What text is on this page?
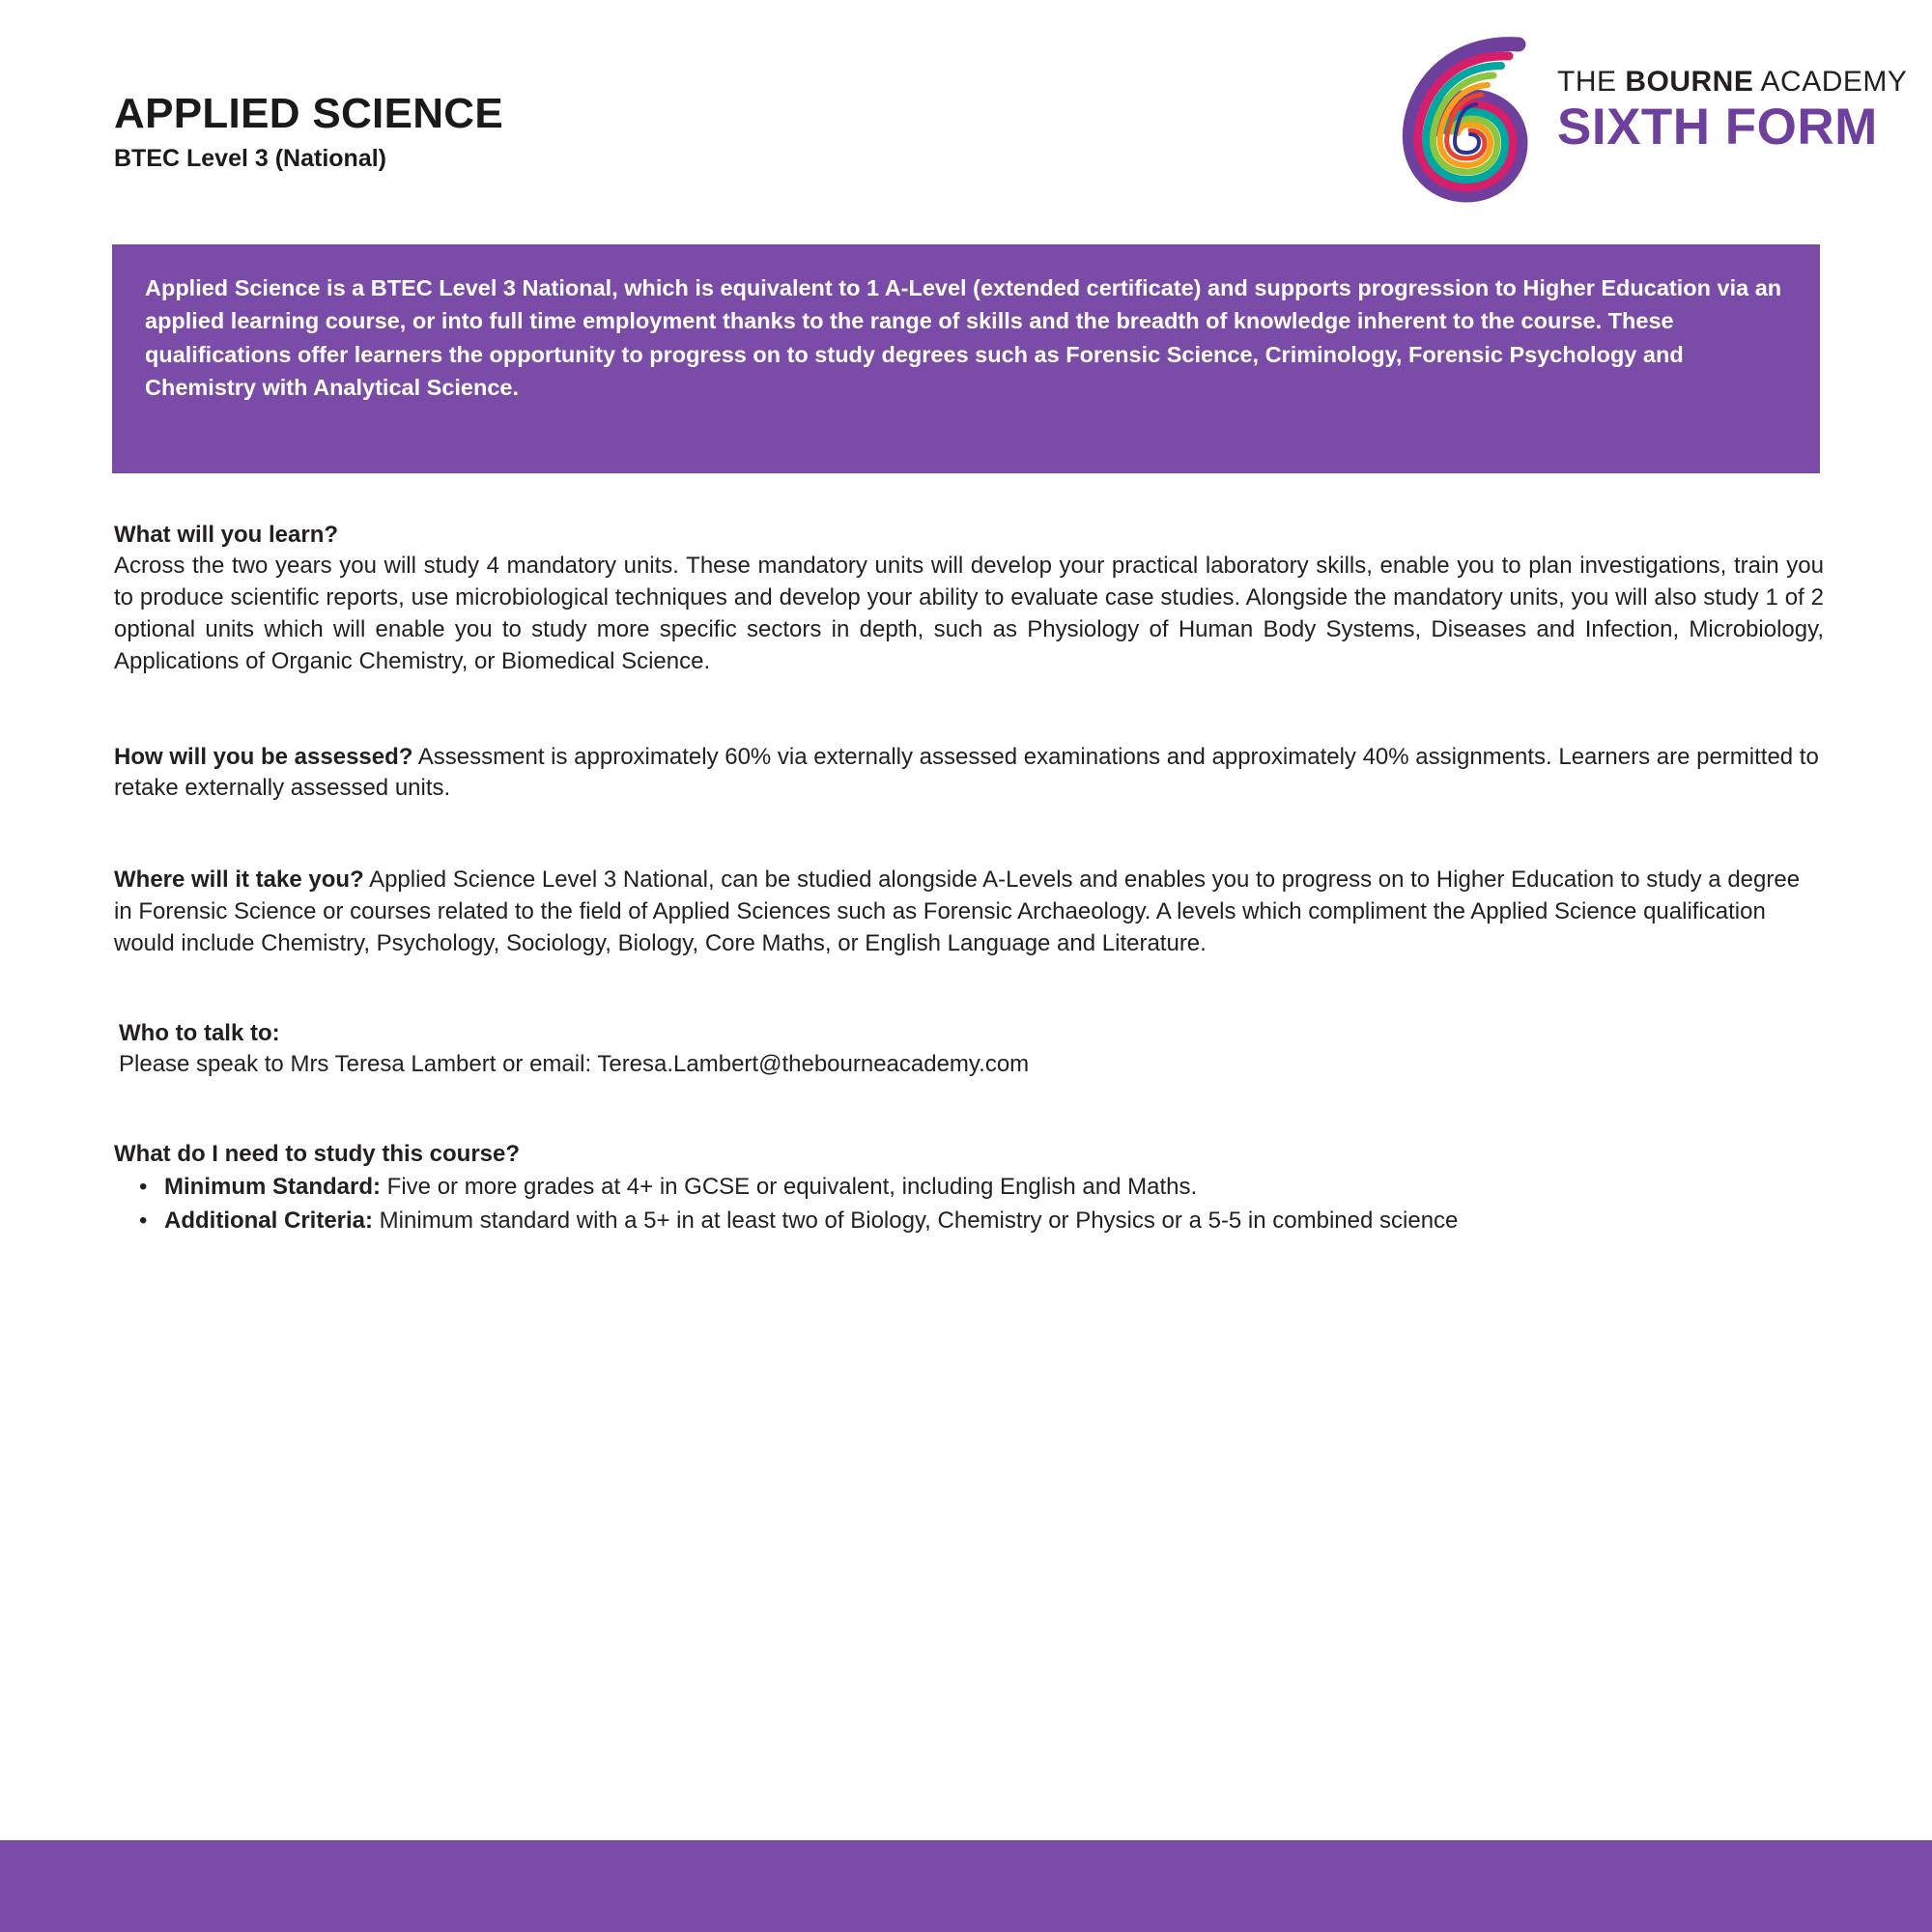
APPLIED SCIENCE
BTEC Level 3 (National)
THE BOURNE ACADEMY
SIXTH FORM

Applied Science is a BTEC Level 3 National, which is equivalent to 1 A-Level (extended certificate) and supports progression to Higher Education via an applied learning course, or into full time employment thanks to the range of skills and the breadth of knowledge inherent to the course. These qualifications offer learners the opportunity to progress on to study degrees such as Forensic Science, Criminology, Forensic Psychology and Chemistry with Analytical Science.

What will you learn?

Across the two years you will study 4 mandatory units. These mandatory units will develop your practical laboratory skills, enable you to plan investigations, train you to produce scientific reports, use microbiological techniques and develop your ability to evaluate case studies. Alongside the mandatory units, you will also study 1 of 2 optional units which will enable you to study more specific sectors in depth, such as Physiology of Human Body Systems, Diseases and Infection, Microbiology, Applications of Organic Chemistry, or Biomedical Science.

How will you be assessed? Assessment is approximately 60% via externally assessed examinations and approximately 40% assignments. Learners are permitted to retake externally assessed units.

Where will it take you? Applied Science Level 3 National, can be studied alongside A-Levels and enables you to progress on to Higher Education to study a degree in Forensic Science or courses related to the field of Applied Sciences such as Forensic Archaeology. A levels which compliment the Applied Science qualification would include Chemistry, Psychology, Sociology, Biology, Core Maths, or English Language and Literature.

Who to talk to:

Please speak to Mrs Teresa Lambert or email: Teresa.Lambert@thebourneacademy.com

What do I need to study this course?
• Minimum Standard: Five or more grades at 4+ in GCSE or equivalent, including English and Maths.
• Additional Criteria: Minimum standard with a 5+ in at least two of Biology, Chemistry or Physics or a 5-5 in combined science
